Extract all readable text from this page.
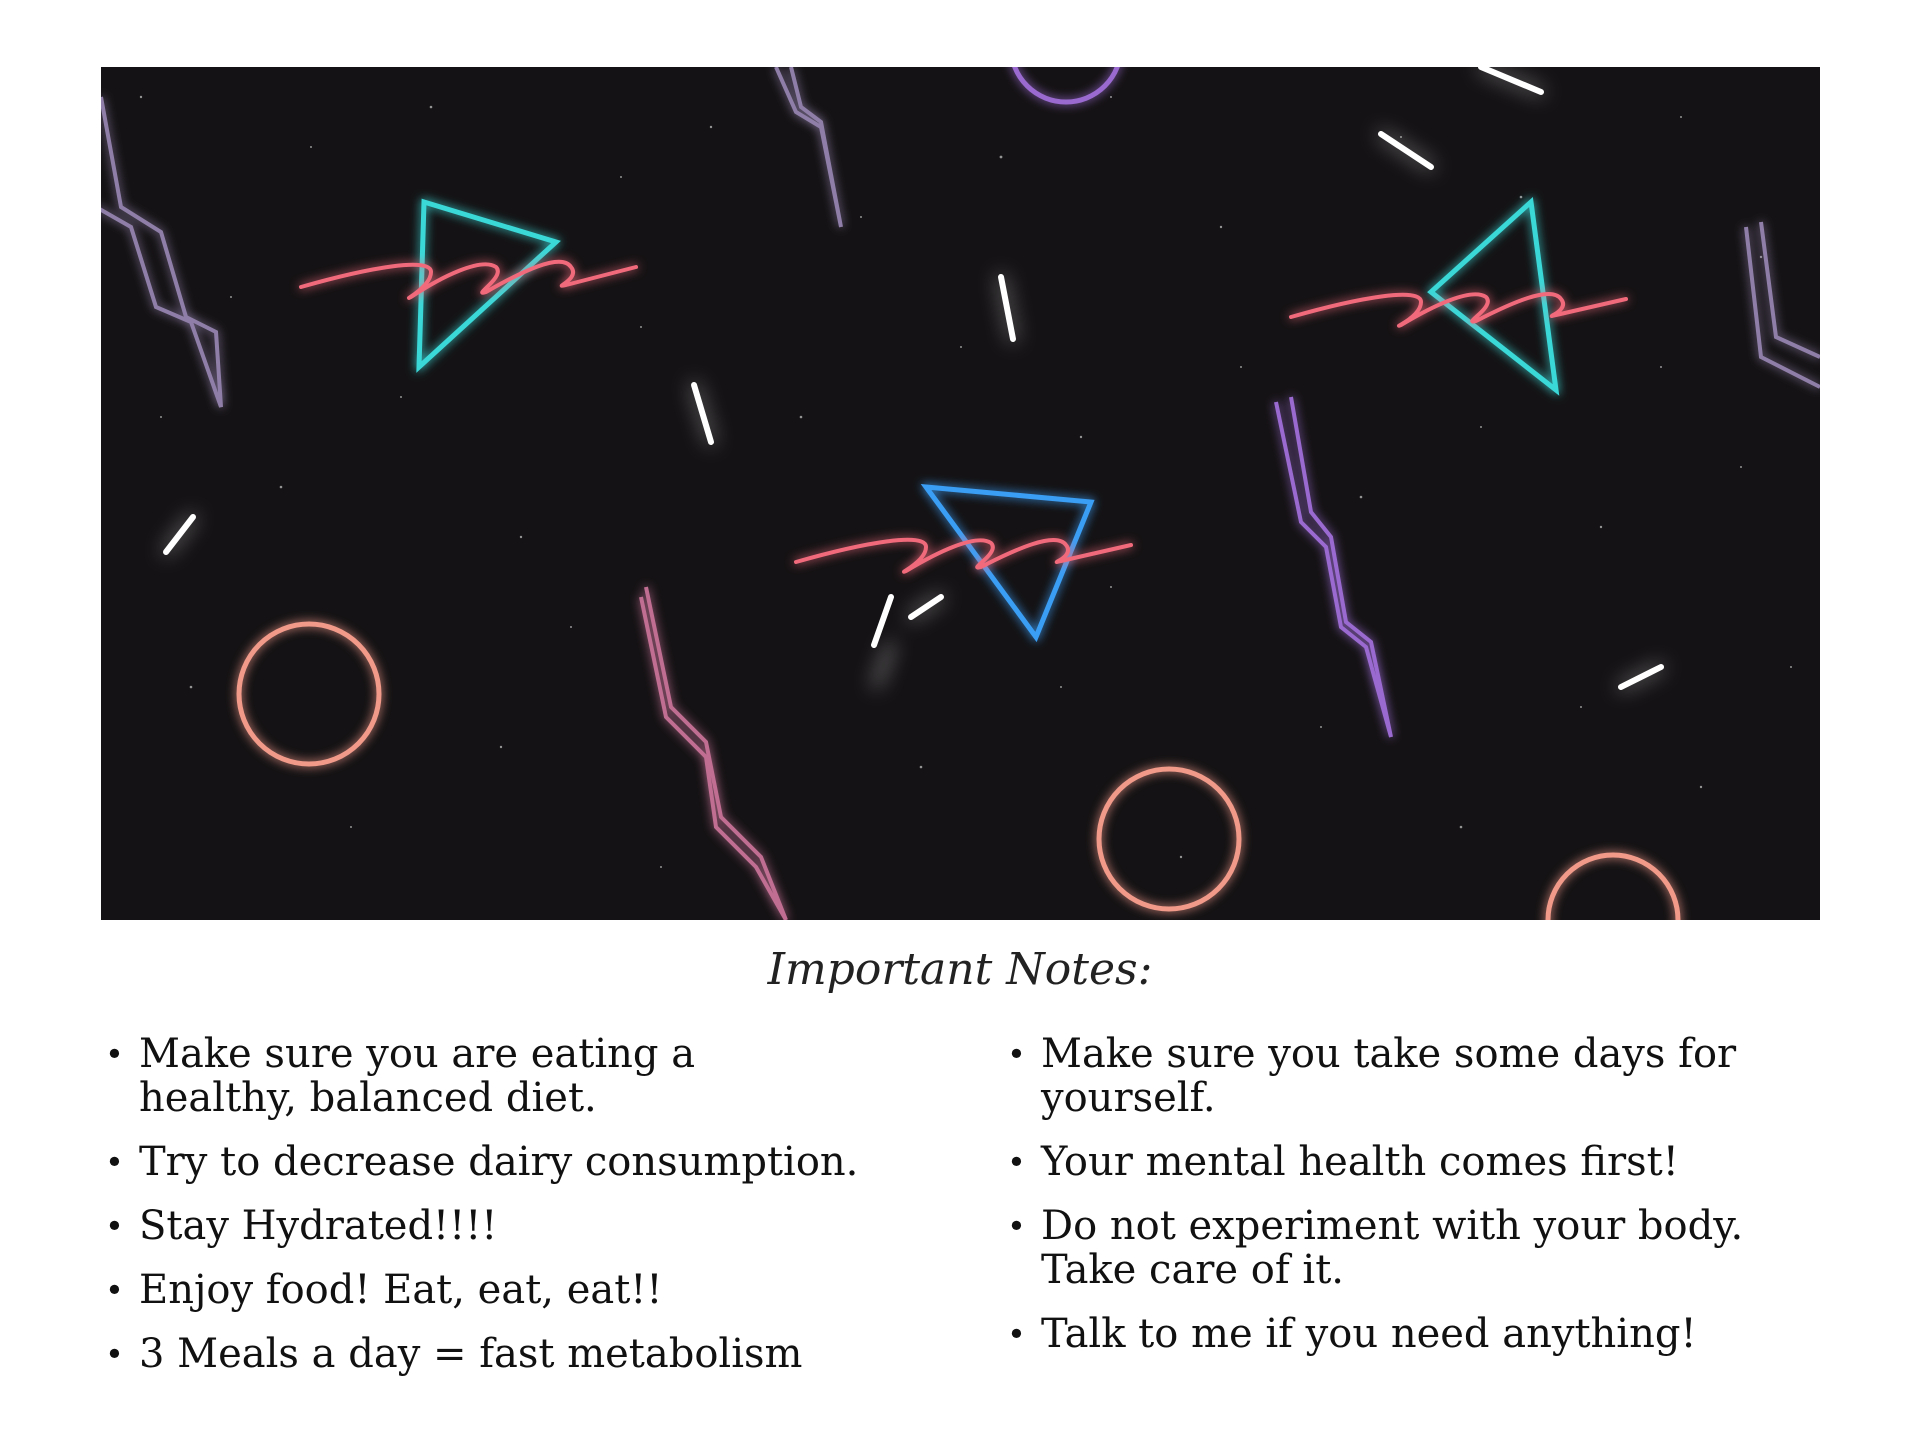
Important Notes:
• Make sure you are eating a healthy, balanced diet.
• Try to decrease dairy consumption.
• Stay Hydrated!!!!
• Enjoy food! Eat, eat, eat!!
• 3 Meals a day = fast metabolism
• Make sure you take some days for yourself.
• Your mental health comes first!
• Do not experiment with your body. Take care of it.
• Talk to me if you need anything!
